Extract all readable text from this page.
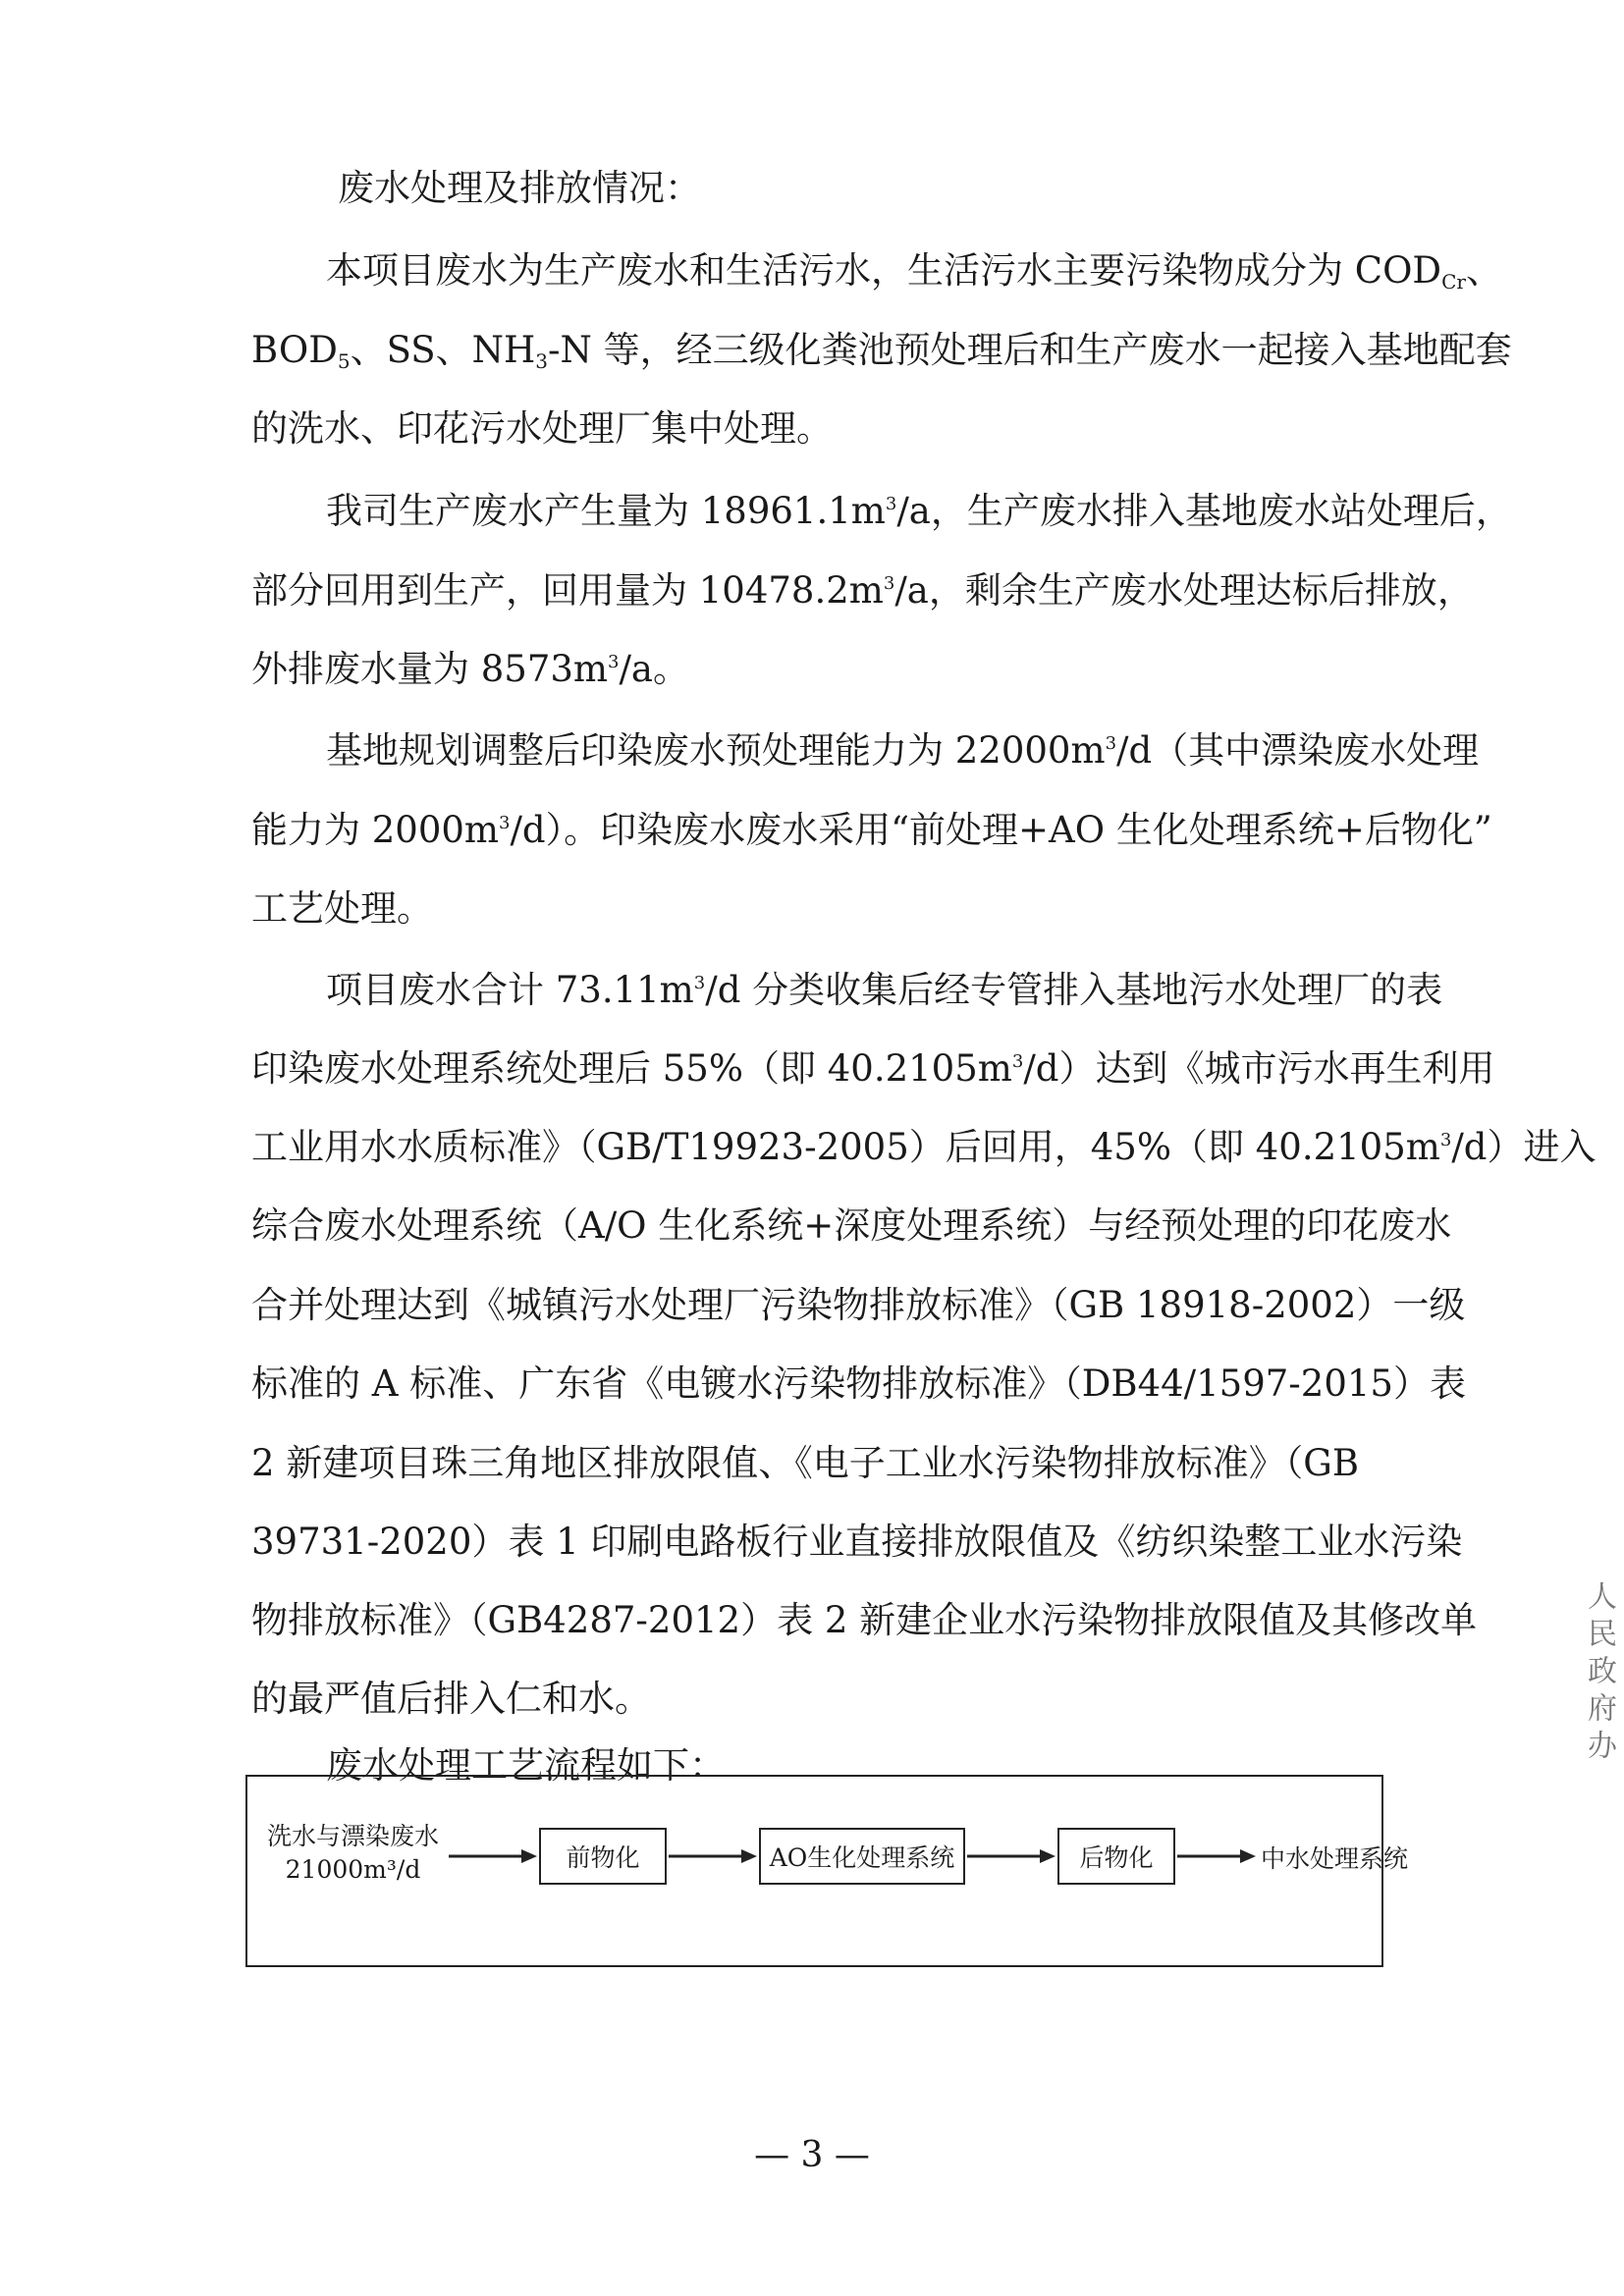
废水处理及排放情况：
本项目废水为生产废水和生活污水，生活污水主要污染物成分为 $COD_{Cr}$、
$BOD_5$、SS、$NH_3-N$ 等，经三级化粪池预处理后和生产废水一起接入基地配套
的洗水、印花污水处理厂集中处理。
我司生产废水产生量为 $18961.1m^3/a$，生产废水排入基地废水站处理后，
部分回用到生产，回用量为 $10478.2m^3/a$，剩余生产废水处理达标后排放，
外排废水量为 $8573m^3/a$。
基地规划调整后印染废水预处理能力为 $22000m^3/d$（其中漂染废水处理
能力为 $2000m^3/d$）。印染废水废水采用“前处理+AO 生化处理系统+后物化”
工艺处理。
项目废水合计 $73.11m^3/d$ 分类收集后经专管排入基地污水处理厂的表
印染废水处理系统处理后 55%（即 $40.2105m^3/d$）达到《城市污水再生利用
工业用水水质标准》（GB/T19923-2005）后回用，45%（即 $40.2105m^3/d$）进入
综合废水处理系统（A/O 生化系统+深度处理系统）与经预处理的印花废水
合并处理达到《城镇污水处理厂污染物排放标准》（GB 18918-2002）一级
标准的 A 标准、广东省《电镀水污染物排放标准》（DB44/1597-2015）表
2 新建项目珠三角地区排放限值、《电子工业水污染物排放标准》（GB
39731-2020）表 1 印刷电路板行业直接排放限值及《纺织染整工业水污染
物排放标准》（GB4287-2012）表 2 新建企业水污染物排放限值及其修改单
的最严值后排入仁和水。
废水处理工艺流程如下：
洗水与漂染废水
21000m³/d	前物化	AO生化处理系统	后物化	中水处理系统
— 3 —
人民政府办
